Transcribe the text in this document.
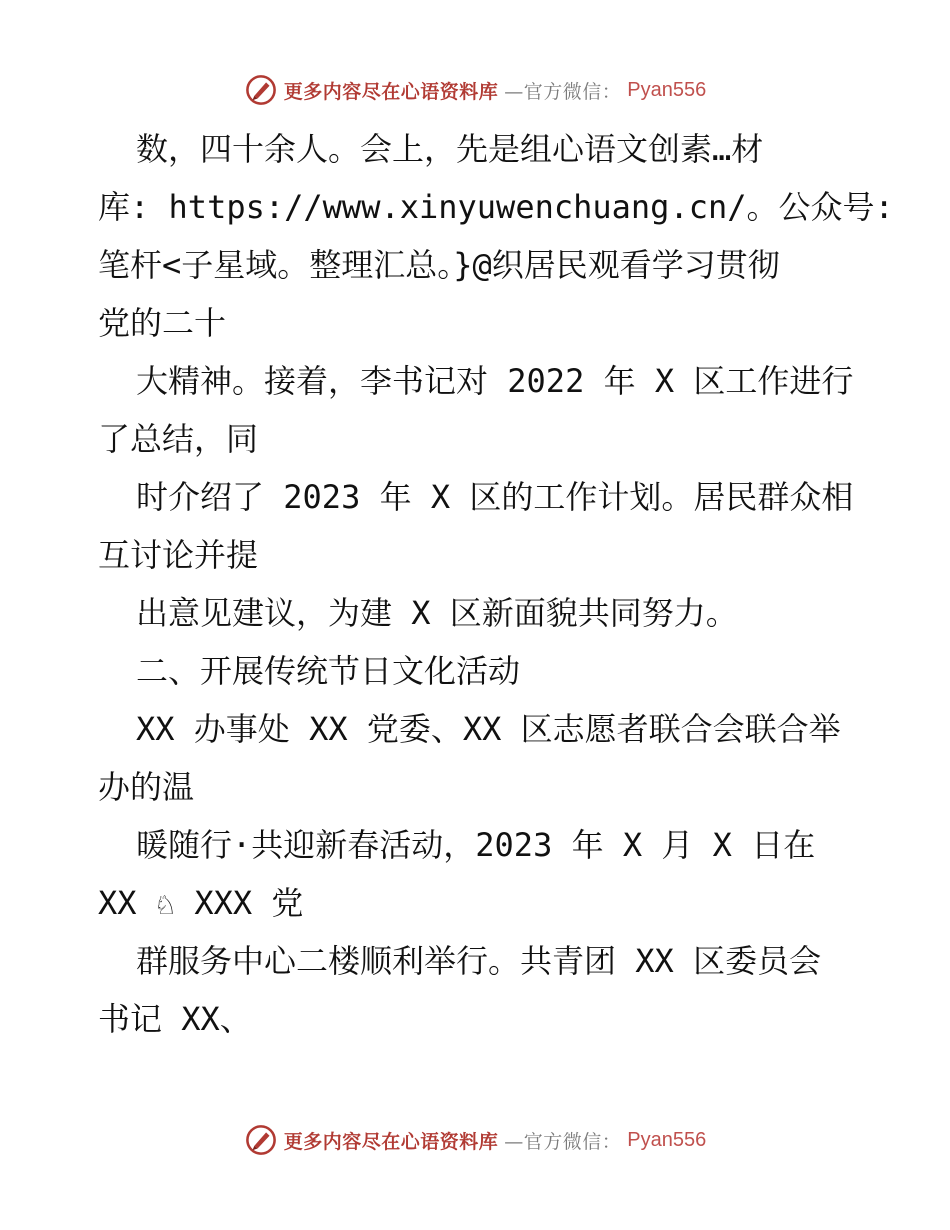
更多内容尽在心语资料库 —官方微信： Pyan556
数，四十余人。会上，先是组心语文创素…材
库: https://www.xinyuwenchuang.cn/。公众号:
笔杆<子星域。整理汇总。}@织居民观看学习贯彻
党的二十
大精神。接着，李书记对 2022 年 X 区工作进行
了总结，同
时介绍了 2023 年 X 区的工作计划。居民群众相
互讨论并提
出意见建议，为建 X 区新面貌共同努力。
二、开展传统节日文化活动
XX 办事处 XX 党委、XX 区志愿者联合会联合举
办的温
暖随行·共迎新春活动，2023 年 X 月 X 日在
XX ♘ XXX 党
群服务中心二楼顺利举行。共青团 XX 区委员会
书记 XX、
更多内容尽在心语资料库 —官方微信： Pyan556
